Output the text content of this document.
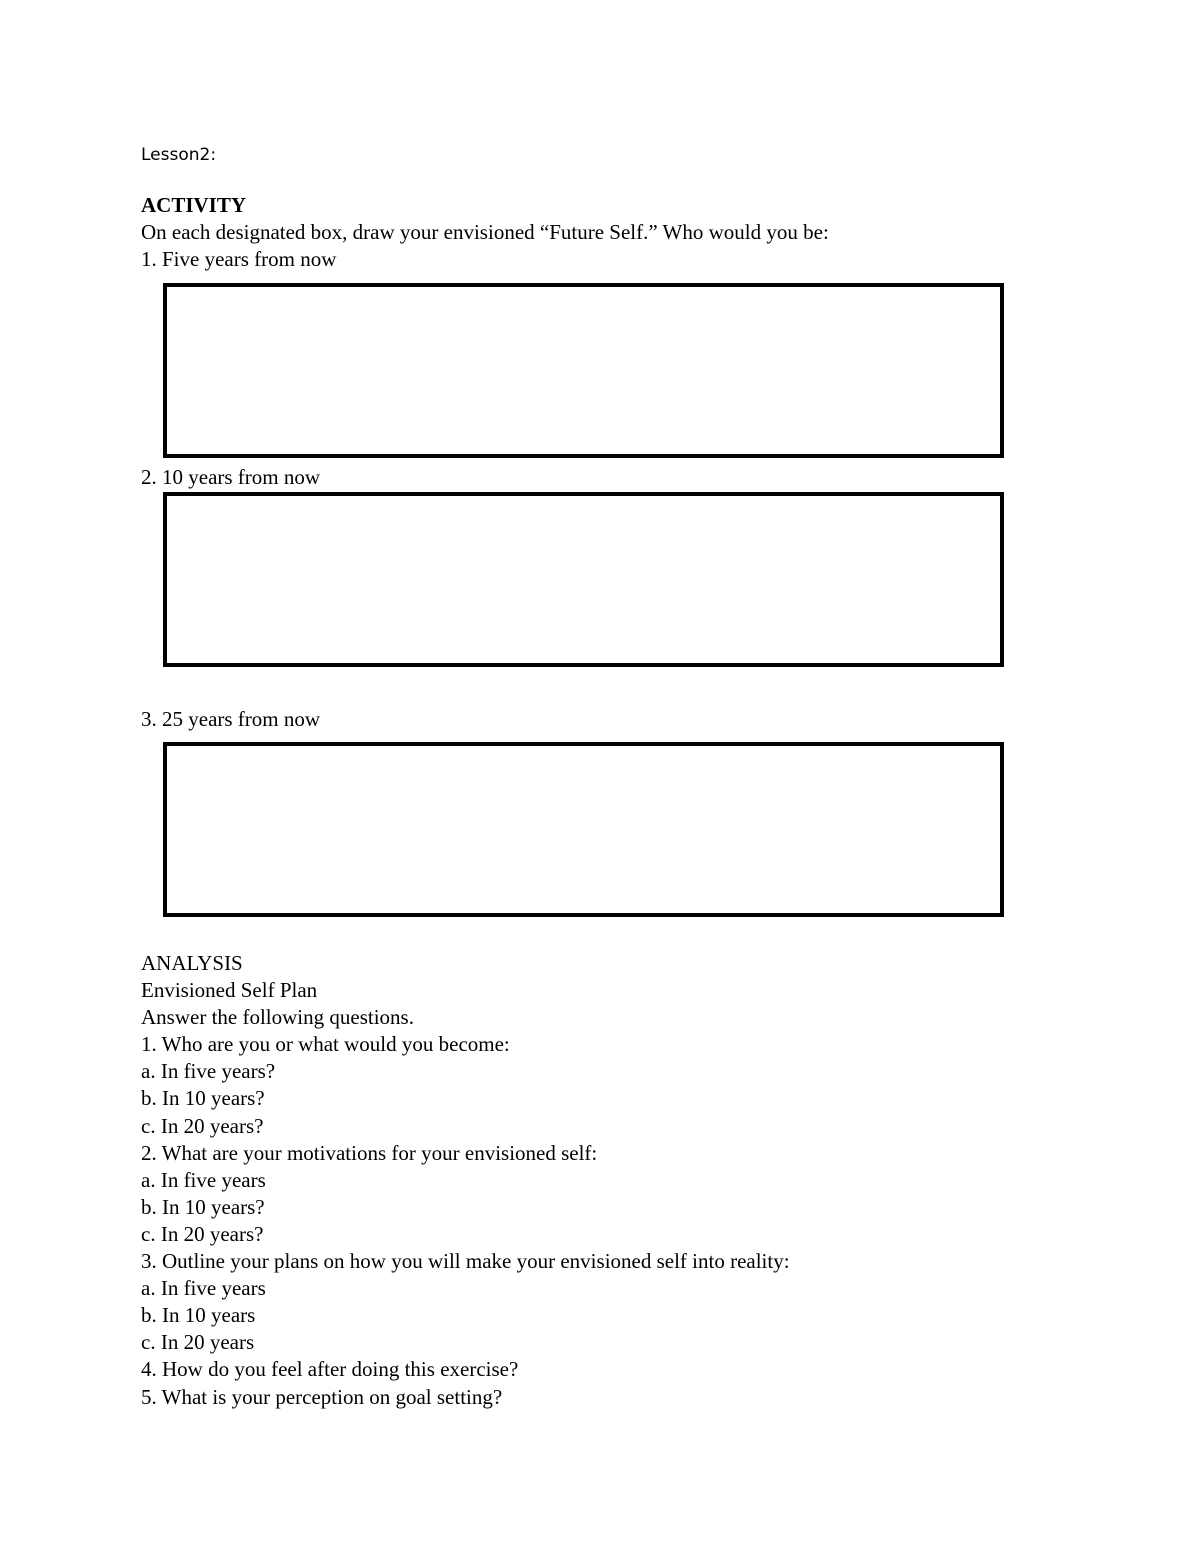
Lesson2:
ACTIVITY
On each designated box, draw your envisioned “Future Self.” Who would you be:
1. Five years from now
2. 10 years from now
3. 25 years from now
ANALYSIS
Envisioned Self Plan
Answer the following questions.
1. Who are you or what would you become:
a. In five years?
b. In 10 years?
c. In 20 years?
2. What are your motivations for your envisioned self:
a. In five years
b. In 10 years?
c. In 20 years?
3. Outline your plans on how you will make your envisioned self into reality:
a. In five years
b. In 10 years
c. In 20 years
4. How do you feel after doing this exercise?
5. What is your perception on goal setting?
